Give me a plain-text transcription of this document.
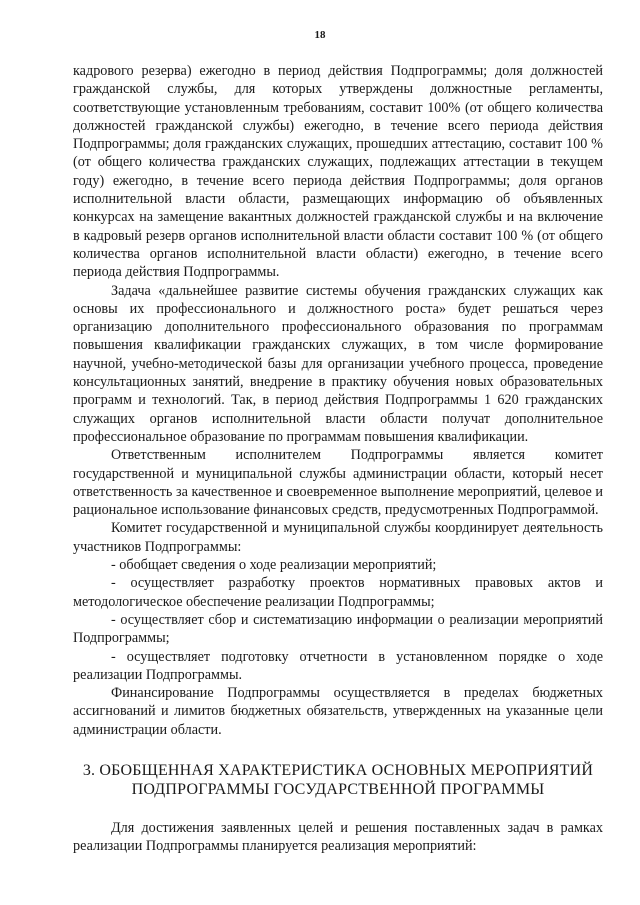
18

кадрового резерва) ежегодно в период действия Подпрограммы; доля должностей гражданской службы, для которых утверждены должностные регламенты, соответствующие установленным требованиям, составит 100% (от общего количества должностей гражданской службы) ежегодно, в течение всего периода действия Подпрограммы; доля гражданских служащих, прошедших аттестацию, составит 100 % (от общего количества гражданских служащих, подлежащих аттестации в текущем году) ежегодно, в течение всего периода действия Подпрограммы; доля органов исполнительной власти области, размещающих информацию об объявленных конкурсах на замещение вакантных должностей гражданской службы и на включение в кадровый резерв органов исполнительной власти области составит 100 % (от общего количества органов исполнительной власти области) ежегодно, в течение всего периода действия Подпрограммы.

Задача «дальнейшее развитие системы обучения гражданских служащих как основы их профессионального и должностного роста» будет решаться через организацию дополнительного профессионального образования по программам повышения квалификации гражданских служащих, в том числе формирование научной, учебно-методической базы для организации учебного процесса, проведение консультационных занятий, внедрение в практику обучения новых образовательных программ и технологий. Так, в период действия Подпрограммы 1 620 гражданских служащих органов исполнительной власти области получат дополнительное профессиональное образование по программам повышения квалификации.

Ответственным исполнителем Подпрограммы является комитет государственной и муниципальной службы администрации области, который несет ответственность за качественное и своевременное выполнение мероприятий, целевое и рациональное использование финансовых средств, предусмотренных Подпрограммой.

Комитет государственной и муниципальной службы координирует деятельность участников Подпрограммы:

- обобщает сведения о ходе реализации мероприятий;

- осуществляет разработку проектов нормативных правовых актов и методологическое обеспечение реализации Подпрограммы;

- осуществляет сбор и систематизацию информации о реализации мероприятий Подпрограммы;

- осуществляет подготовку отчетности в установленном порядке о ходе реализации Подпрограммы.

Финансирование Подпрограммы осуществляется в пределах бюджетных ассигнований и лимитов бюджетных обязательств, утвержденных на указанные цели администрации области.

3. ОБОБЩЕННАЯ ХАРАКТЕРИСТИКА ОСНОВНЫХ МЕРОПРИЯТИЙ
ПОДПРОГРАММЫ ГОСУДАРСТВЕННОЙ ПРОГРАММЫ

Для достижения заявленных целей и решения поставленных задач в рамках реализации Подпрограммы планируется реализация мероприятий:
